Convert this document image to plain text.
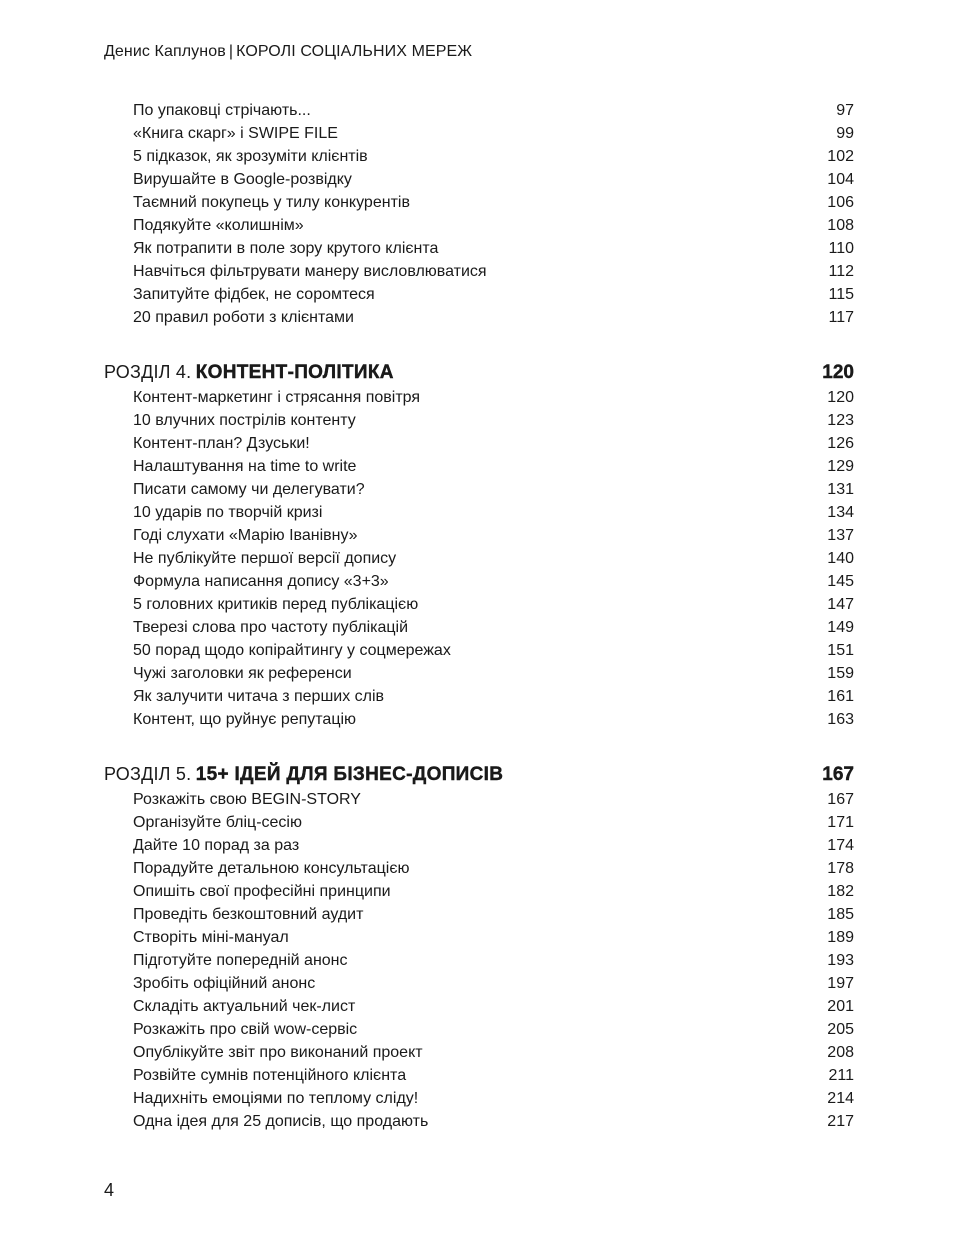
Денис Каплунов | КОРОЛІ СОЦІАЛЬНИХ МЕРЕЖ
По упаковці стрічають...	97
«Книга скарг» і SWIPE FILE	99
5 підказок, як зрозуміти клієнтів	102
Вирушайте в Google-розвідку	104
Таємний покупець у тилу конкурентів	106
Подякуйте «колишнім»	108
Як потрапити в поле зору крутого клієнта	110
Навчіться фільтрувати манеру висловлюватися	112
Запитуйте фідбек, не соромтеся	115
20 правил роботи з клієнтами	117
РОЗДІЛ 4. КОНТЕНТ-ПОЛІТИКА	120
Контент-маркетинг і стрясання повітря	120
10 влучних пострілів контенту	123
Контент-план? Дзуськи!	126
Налаштування на time to write	129
Писати самому чи делегувати?	131
10 ударів по творчій кризі	134
Годі слухати «Марію Іванівну»	137
Не публікуйте першої версії допису	140
Формула написання допису «3+3»	145
5 головних критиків перед публікацією	147
Тверезі слова про частоту публікацій	149
50 порад щодо копірайтингу у соцмережах	151
Чужі заголовки як референси	159
Як залучити читача з перших слів	161
Контент, що руйнує репутацію	163
РОЗДІЛ 5. 15+ ІДЕЙ ДЛЯ БІЗНЕС-ДОПИСІВ	167
Розкажіть свою BEGIN-STORY	167
Організуйте бліц-сесію	171
Дайте 10 порад за раз	174
Порадуйте детальною консультацією	178
Опишіть свої професійні принципи	182
Проведіть безкоштовний аудит	185
Створіть міні-мануал	189
Підготуйте попередній анонс	193
Зробіть офіційний анонс	197
Складіть актуальний чек-лист	201
Розкажіть про свій wow-сервіс	205
Опублікуйте звіт про виконаний проект	208
Розвійте сумнів потенційного клієнта	211
Надихніть емоціями по теплому сліду!	214
Одна ідея для 25 дописів, що продають	217
4
